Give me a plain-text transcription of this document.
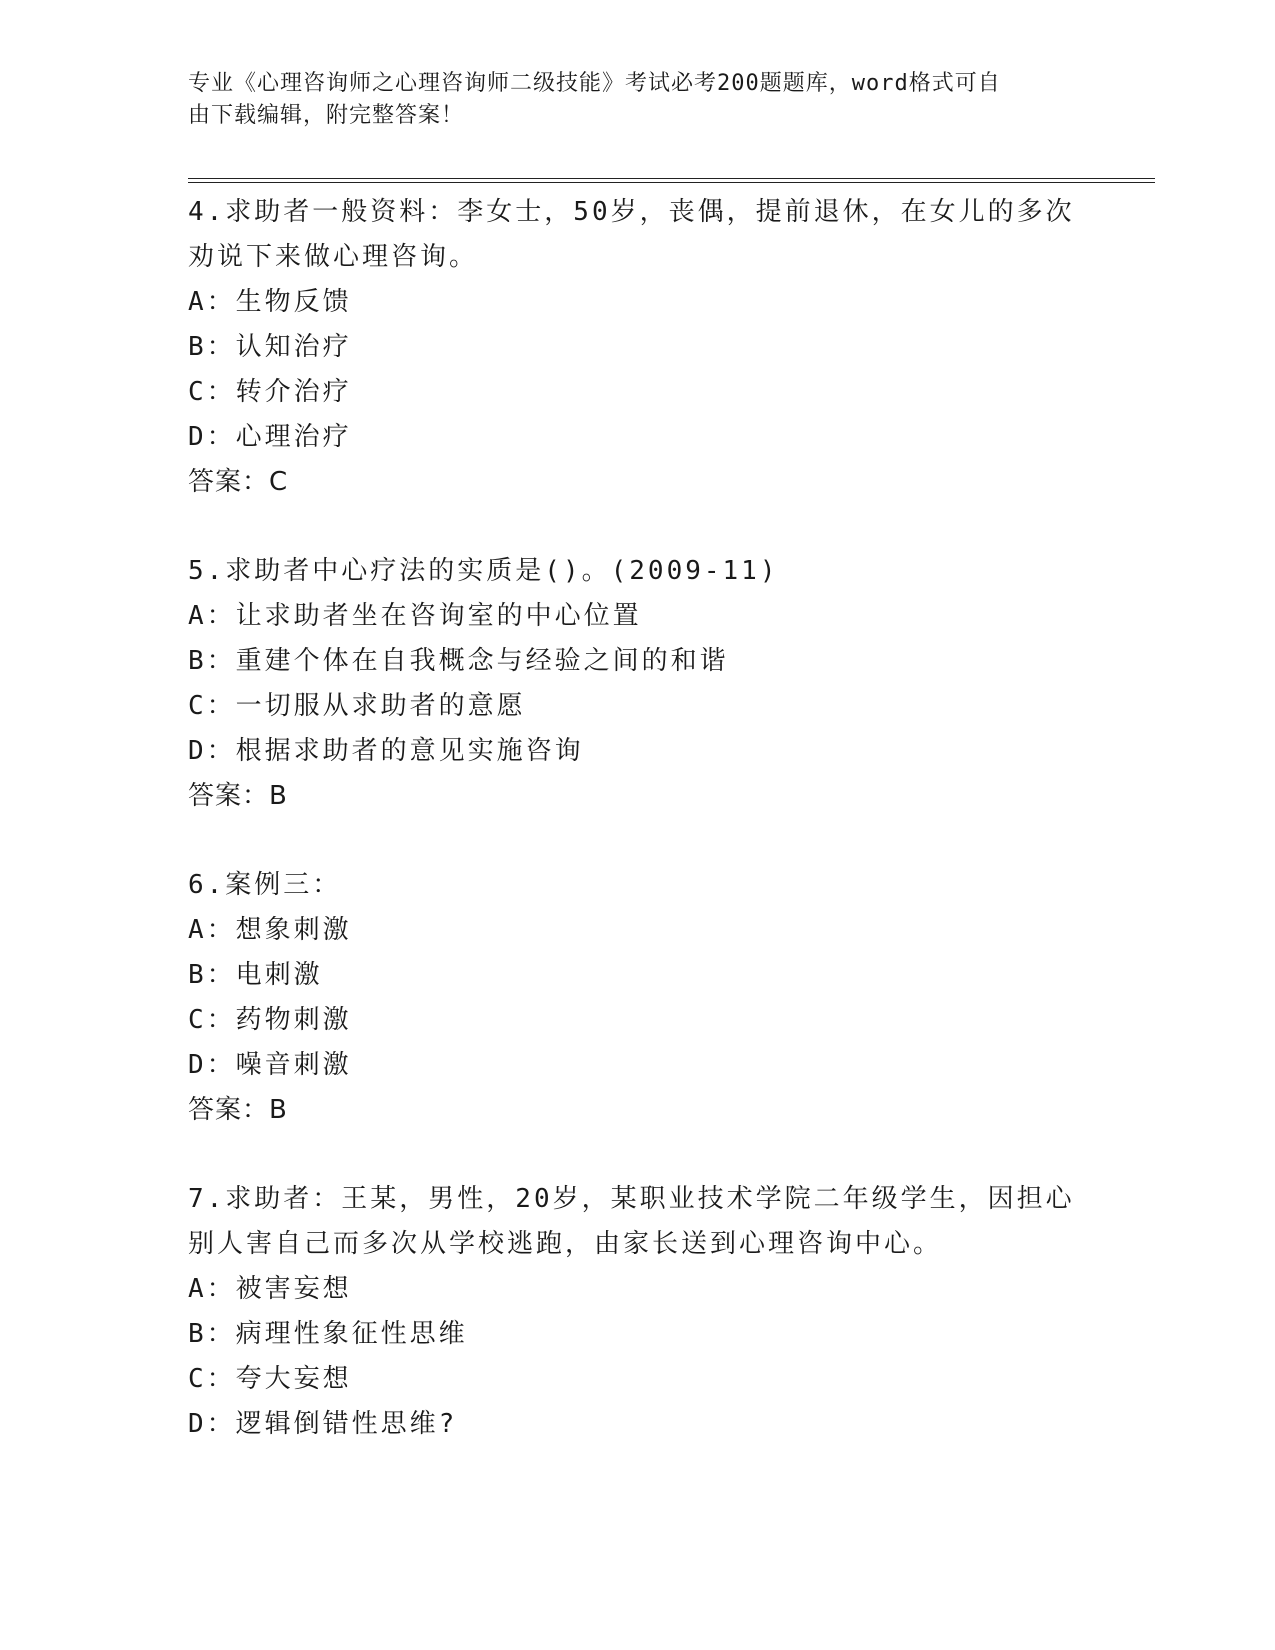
专业《心理咨询师之心理咨询师二级技能》考试必考200题题库，word格式可自
由下载编辑，附完整答案！

4.求助者一般资料：李女士，50岁，丧偶，提前退休，在女儿的多次

劝说下来做心理咨询。

A：生物反馈
B：认知治疗
C：转介治疗
D：心理治疗
答案：C

5.求助者中心疗法的实质是()。(2009-11)

A：让求助者坐在咨询室的中心位置
B：重建个体在自我概念与经验之间的和谐
C：一切服从求助者的意愿
D：根据求助者的意见实施咨询
答案：B

6.案例三：

A：想象刺激
B：电刺激
C：药物刺激
D：噪音刺激
答案：B

7.求助者：王某，男性，20岁，某职业技术学院二年级学生，因担心

别人害自己而多次从学校逃跑，由家长送到心理咨询中心。

A：被害妄想
B：病理性象征性思维
C：夸大妄想
D：逻辑倒错性思维?
